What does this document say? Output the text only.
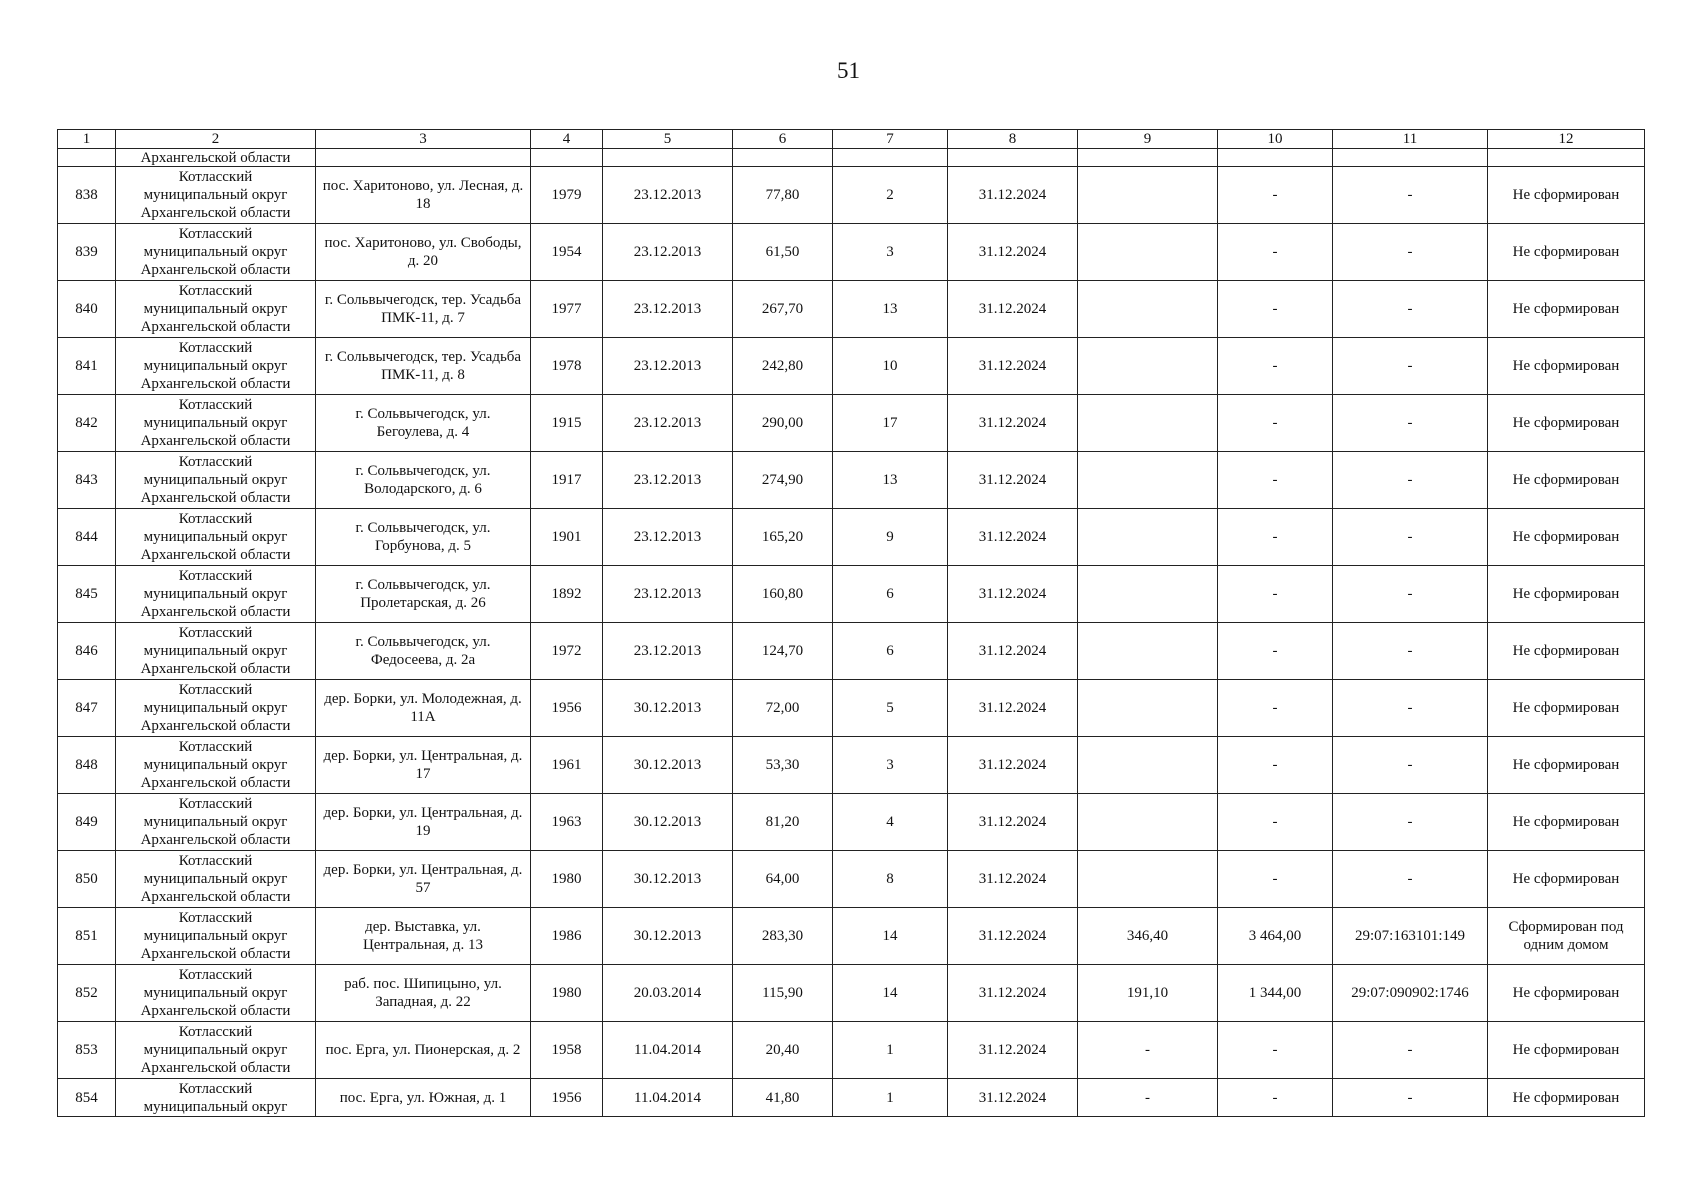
51
1	2	3	4	5	6	7	8	9	10	11	12
	Архангельской области										
838	Котласский
муниципальный округ
Архангельской области	пос. Харитоново, ул. Лесная, д. 18	1979	23.12.2013	77,80	2	31.12.2024		-	-	Не сформирован
839	Котласский
муниципальный округ
Архангельской области	пос. Харитоново, ул. Свободы, д. 20	1954	23.12.2013	61,50	3	31.12.2024		-	-	Не сформирован
840	Котласский
муниципальный округ
Архангельской области	г. Сольвычегодск, тер. Усадьба ПМК-11, д. 7	1977	23.12.2013	267,70	13	31.12.2024		-	-	Не сформирован
841	Котласский
муниципальный округ
Архангельской области	г. Сольвычегодск, тер. Усадьба ПМК-11, д. 8	1978	23.12.2013	242,80	10	31.12.2024		-	-	Не сформирован
842	Котласский
муниципальный округ
Архангельской области	г. Сольвычегодск, ул. Бегоулева, д. 4	1915	23.12.2013	290,00	17	31.12.2024		-	-	Не сформирован
843	Котласский
муниципальный округ
Архангельской области	г. Сольвычегодск, ул. Володарского, д. 6	1917	23.12.2013	274,90	13	31.12.2024		-	-	Не сформирован
844	Котласский
муниципальный округ
Архангельской области	г. Сольвычегодск, ул. Горбунова, д. 5	1901	23.12.2013	165,20	9	31.12.2024		-	-	Не сформирован
845	Котласский
муниципальный округ
Архангельской области	г. Сольвычегодск, ул. Пролетарская, д. 26	1892	23.12.2013	160,80	6	31.12.2024		-	-	Не сформирован
846	Котласский
муниципальный округ
Архангельской области	г. Сольвычегодск, ул. Федосеева, д. 2а	1972	23.12.2013	124,70	6	31.12.2024		-	-	Не сформирован
847	Котласский
муниципальный округ
Архангельской области	дер. Борки, ул. Молодежная, д. 11А	1956	30.12.2013	72,00	5	31.12.2024		-	-	Не сформирован
848	Котласский
муниципальный округ
Архангельской области	дер. Борки, ул. Центральная, д. 17	1961	30.12.2013	53,30	3	31.12.2024		-	-	Не сформирован
849	Котласский
муниципальный округ
Архангельской области	дер. Борки, ул. Центральная, д. 19	1963	30.12.2013	81,20	4	31.12.2024		-	-	Не сформирован
850	Котласский
муниципальный округ
Архангельской области	дер. Борки, ул. Центральная, д. 57	1980	30.12.2013	64,00	8	31.12.2024		-	-	Не сформирован
851	Котласский
муниципальный округ
Архангельской области	дер. Выставка, ул. Центральная, д. 13	1986	30.12.2013	283,30	14	31.12.2024	346,40	3 464,00	29:07:163101:149	Сформирован под одним домом
852	Котласский
муниципальный округ
Архангельской области	раб. пос. Шипицыно, ул. Западная, д. 22	1980	20.03.2014	115,90	14	31.12.2024	191,10	1 344,00	29:07:090902:1746	Не сформирован
853	Котласский
муниципальный округ
Архангельской области	пос. Ерга, ул. Пионерская, д. 2	1958	11.04.2014	20,40	1	31.12.2024	-	-	-	Не сформирован
854	Котласский
муниципальный округ	пос. Ерга, ул. Южная, д. 1	1956	11.04.2014	41,80	1	31.12.2024	-	-	-	Не сформирован
